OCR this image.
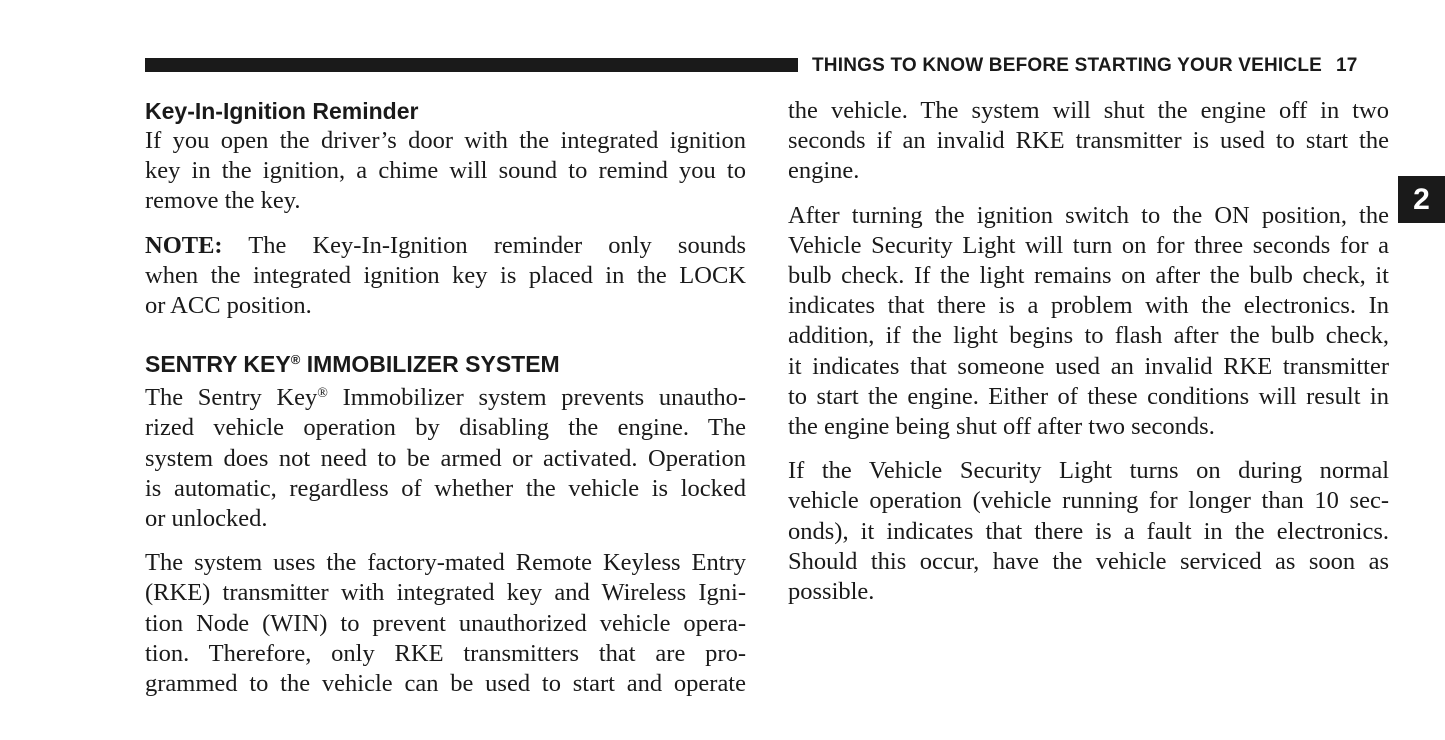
THINGS TO KNOW BEFORE STARTING YOUR VEHICLE 17
2
Key-In-Ignition Reminder
If you open the driver’s door with the integrated ignition
key in the ignition, a chime will sound to remind you to
remove the key.
NOTE: The Key-In-Ignition reminder only sounds
when the integrated ignition key is placed in the LOCK
or ACC position.
SENTRY KEY® IMMOBILIZER SYSTEM
The Sentry Key® Immobilizer system prevents unautho-
rized vehicle operation by disabling the engine. The
system does not need to be armed or activated. Operation
is automatic, regardless of whether the vehicle is locked
or unlocked.
The system uses the factory-mated Remote Keyless Entry
(RKE) transmitter with integrated key and Wireless Igni-
tion Node (WIN) to prevent unauthorized vehicle opera-
tion. Therefore, only RKE transmitters that are pro-
grammed to the vehicle can be used to start and operate
the vehicle. The system will shut the engine off in two
seconds if an invalid RKE transmitter is used to start the
engine.
After turning the ignition switch to the ON position, the
Vehicle Security Light will turn on for three seconds for a
bulb check. If the light remains on after the bulb check, it
indicates that there is a problem with the electronics. In
addition, if the light begins to flash after the bulb check,
it indicates that someone used an invalid RKE transmitter
to start the engine. Either of these conditions will result in
the engine being shut off after two seconds.
If the Vehicle Security Light turns on during normal
vehicle operation (vehicle running for longer than 10 sec-
onds), it indicates that there is a fault in the electronics.
Should this occur, have the vehicle serviced as soon as
possible.
